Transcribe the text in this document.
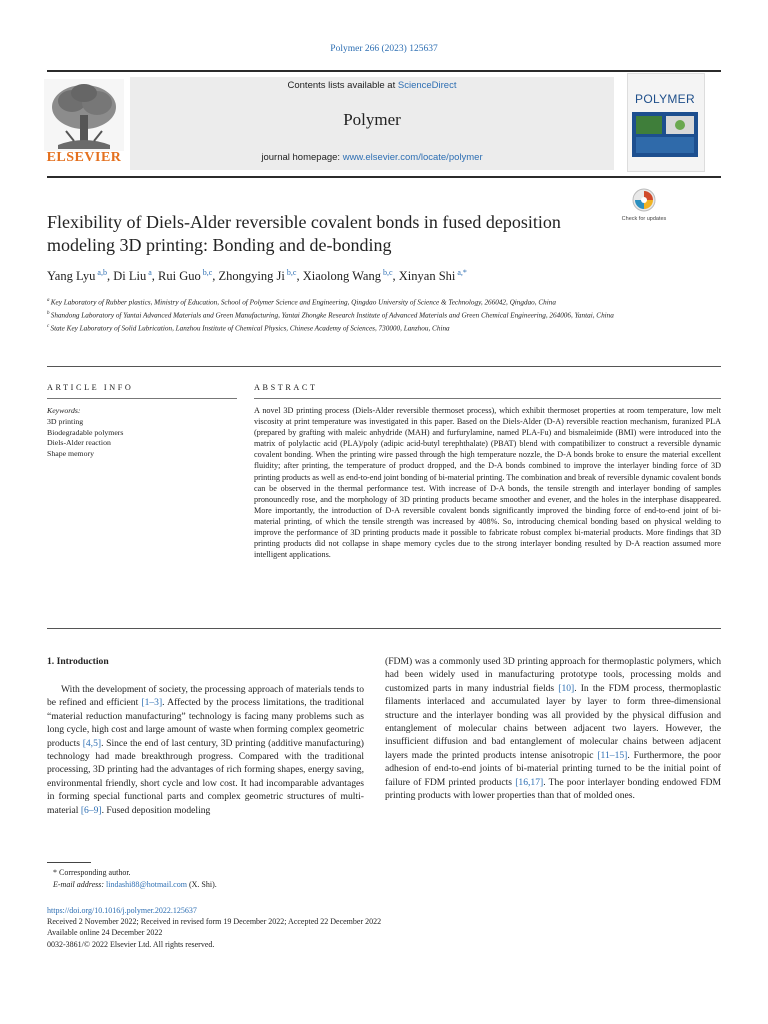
Polymer 266 (2023) 125637
ELSEVIER
Contents lists available at ScienceDirect
Polymer
journal homepage: www.elsevier.com/locate/polymer
POLYMER
Flexibility of Diels-Alder reversible covalent bonds in fused deposition modeling 3D printing: Bonding and de-bonding
Check for updates
Yang Lyu $^{a,b}$, Di Liu $^a$, Rui Guo $^{b,c}$, Zhongying Ji $^{b,c}$, Xiaolong Wang $^{b,c}$, Xinyan Shi $^{a,*}$

$^a$ Key Laboratory of Rubber plastics, Ministry of Education, School of Polymer Science and Engineering, Qingdao University of Science & Technology, 266042, Qingdao, China

$^b$ Shandong Laboratory of Yantai Advanced Materials and Green Manufacturing, Yantai Zhongke Research Institute of Advanced Materials and Green Chemical Engineering, 264006, Yantai, China

$^c$ State Key Laboratory of Solid Lubrication, Lanzhou Institute of Chemical Physics, Chinese Academy of Sciences, 730000, Lanzhou, China

ARTICLE INFO	ABSTRACT
Keywords:
3D printing
Biodegradable polymers
Diels-Alder reaction
Shape memory
A novel 3D printing process (Diels-Alder reversible thermoset process), which exhibit thermoset properties at room temperature, low melt viscosity at print temperature was investigated in this paper. Based on the Diels-Alder (D-A) reversible reaction mechanism, furanized PLA (prepared by grafting with maleic anhydride (MAH) and furfurylamine, named PLA-Fu) and bismaleimide (BMI) were introduced into the matrix of polylactic acid (PLA)/poly (adipic acid-butyl terephthalate) (PBAT) blend with compatibilizer to construct a reversible dynamic covalent bonding. When the printing wire passed through the high temperature nozzle, the D-A bonds broke to ensure the material excellent fluidity; after printing, the temperature of product dropped, and the D-A bonds combined to improve the interlayer binding force of 3D printing products as well as end-to-end joint bonding of bi-material printing. The combination and break of reversible dynamic covalent bonds can be observed in the thermal performance test. With increase of D-A bonds, the tensile strength and interlayer bonding of samples pronouncedly rose, and the morphology of 3D printing products became smoother and evener, and the holes in the interphase disappeared. More importantly, the introduction of D-A reversible covalent bonds significantly improved the binding force of end-to-end joint of bi-material printing, of which the tensile strength was increased by 408%. So, introducing chemical bonding based on physical welding to improve the performance of 3D printing products made it possible to fabricate robust complex bi-material products. More findings that 3D printing products did not collapse in shape memory cycles due to the strong interlayer bonding resulted by D-A reaction assumed more intelligent applications.
1. Introduction
With the development of society, the processing approach of materials tends to be refined and efficient [1–3]. Affected by the process limitations, the traditional “material reduction manufacturing” technology is facing many problems such as long cycle, high cost and large amount of waste when forming complex geometric products [4,5]. Since the end of last century, 3D printing (additive manufacturing) technology had made breakthrough progress. Compared with the traditional processing, 3D printing had the advantages of rich forming shapes, energy saving, environmental friendly, short cycle and low cost. It had incomparable advantages in forming special functional parts and complex geometric structures of multi-material [6–9]. Fused deposition modeling
(FDM) was a commonly used 3D printing approach for thermoplastic polymers, which had been widely used in manufacturing prototype tools, processing molds and customized parts in many industrial fields [10]. In the FDM process, thermoplastic filaments interlaced and accumulated layer by layer to form three-dimensional structure and the interlayer bonding was all provided by the physical diffusion and entanglement of molecular chains between adjacent two layers. However, the insufficient diffusion and bad entanglement of molecular chains between adjacent layers made the printed products intense anisotropic [11–15]. Furthermore, the poor adhesion of end-to-end joints of bi-material printing turned to be the initial point of failure of FDM printed products [16,17]. The poor interlayer bonding endowed FDM printing products with lower properties than that of molded ones.
* Corresponding author.
E-mail address: lindashi88@hotmail.com (X. Shi).
https://doi.org/10.1016/j.polymer.2022.125637
Received 2 November 2022; Received in revised form 19 December 2022; Accepted 22 December 2022
Available online 24 December 2022
0032-3861/© 2022 Elsevier Ltd. All rights reserved.
